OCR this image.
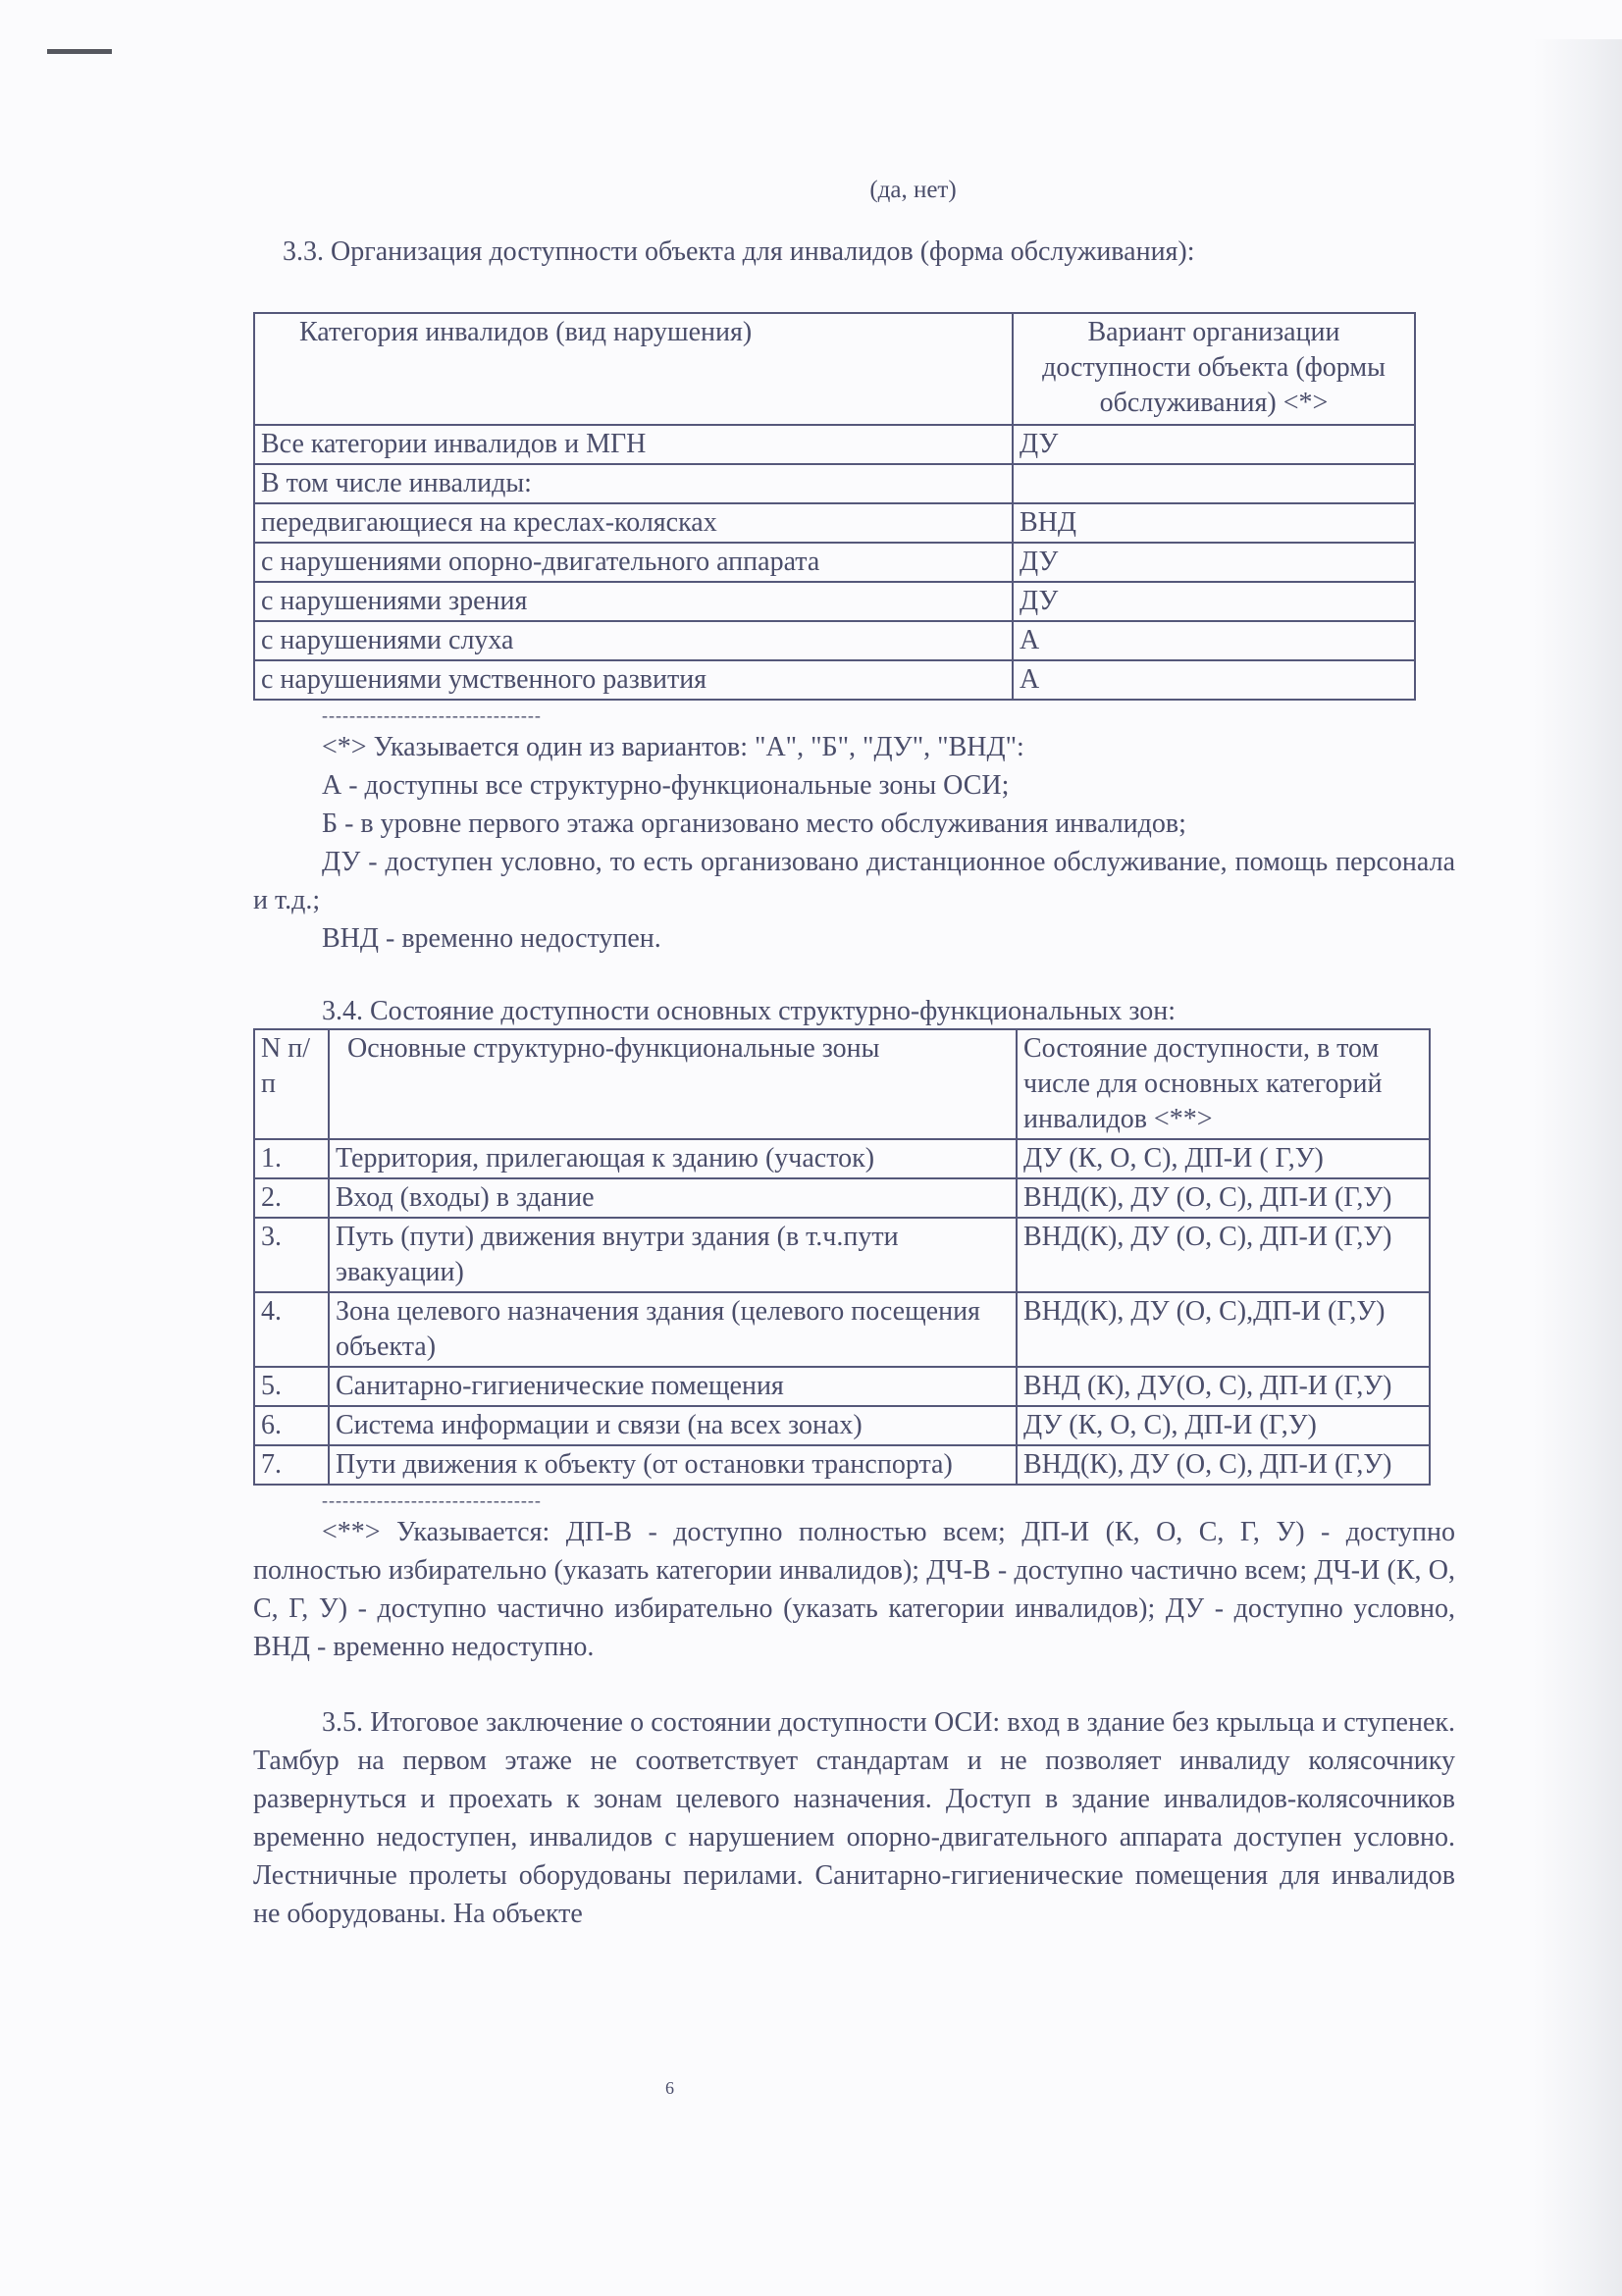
(да, нет)
3.3. Организация доступности объекта для инвалидов (форма обслуживания):
Категория инвалидов (вид нарушения)	Вариант организации доступности объекта (формы обслуживания) <*>
Все категории инвалидов и МГН	ДУ
В том числе инвалиды:	
передвигающиеся на креслах-колясках	ВНД
с нарушениями опорно-двигательного аппарата	ДУ
с нарушениями зрения	ДУ
с нарушениями слуха	А
с нарушениями умственного развития	А
--------------------------------

<*> Указывается один из вариантов: "А", "Б", "ДУ", "ВНД":

А - доступны все структурно-функциональные зоны ОСИ;

Б - в уровне первого этажа организовано место обслуживания инвалидов;

ДУ - доступен условно, то есть организовано дистанционное обслуживание, помощь персонала и т.д.;

ВНД - временно недоступен.

3.4. Состояние доступности основных структурно-функциональных зон:

N п/п	Основные структурно-функциональные зоны	Состояние доступности, в том числе для основных категорий инвалидов <**>
1.	Территория, прилегающая к зданию (участок)	ДУ (К, О, С), ДП-И ( Г,У)
2.	Вход (входы) в здание	ВНД(К), ДУ (О, С), ДП-И (Г,У)
3.	Путь (пути) движения внутри здания (в т.ч.пути эвакуации)	ВНД(К), ДУ (О, С), ДП-И (Г,У)
4.	Зона целевого назначения здания (целевого посещения объекта)	ВНД(К), ДУ (О, С),ДП-И (Г,У)
5.	Санитарно-гигиенические помещения	ВНД (К), ДУ(О, С), ДП-И (Г,У)
6.	Система информации и связи (на всех зонах)	ДУ (К, О, С), ДП-И (Г,У)
7.	Пути движения к объекту (от остановки транспорта)	ВНД(К), ДУ (О, С), ДП-И (Г,У)
--------------------------------

<**> Указывается: ДП-В - доступно полностью всем; ДП-И (К, О, С, Г, У) - доступно полностью избирательно (указать категории инвалидов); ДЧ-В - доступно частично всем; ДЧ-И (К, О, С, Г, У) - доступно частично избирательно (указать категории инвалидов); ДУ - доступно условно, ВНД - временно недоступно.

3.5. Итоговое заключение о состоянии доступности ОСИ: вход в здание без крыльца и ступенек. Тамбур на первом этаже не соответствует стандартам и не позволяет инвалиду колясочнику развернуться и проехать к зонам целевого назначения. Доступ в здание инвалидов-колясочников временно недоступен, инвалидов с нарушением опорно-двигательного аппарата доступен условно. Лестничные пролеты оборудованы перилами. Санитарно-гигиенические помещения для инвалидов не оборудованы. На объекте

6
